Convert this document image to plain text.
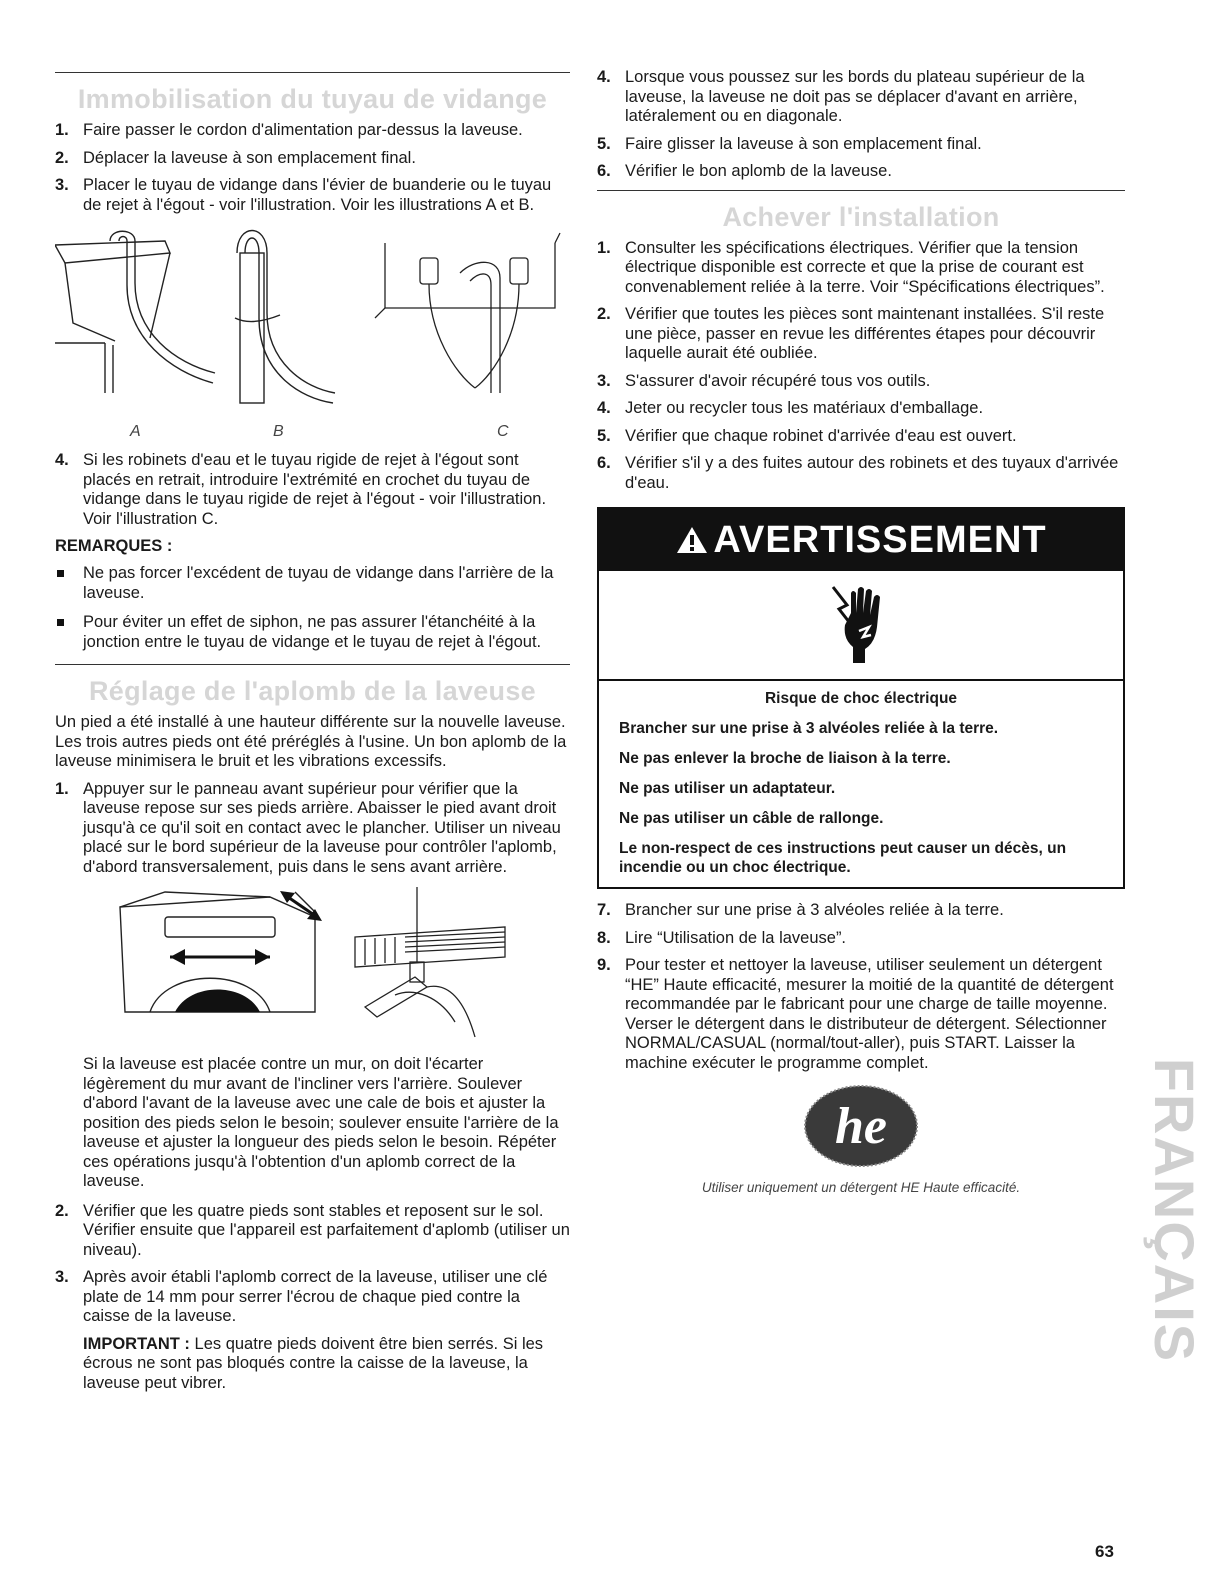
Immobilisation du tuyau de vidange
1. Faire passer le cordon d'alimentation par-dessus la laveuse.
2. Déplacer la laveuse à son emplacement final.
3. Placer le tuyau de vidange dans l'évier de buanderie ou le tuyau de rejet à l'égout - voir l'illustration. Voir les illustrations A et B.
A	B	C
4. Si les robinets d'eau et le tuyau rigide de rejet à l'égout sont placés en retrait, introduire l'extrémité en crochet du tuyau de vidange dans le tuyau rigide de rejet à l'égout - voir l'illustration. Voir l'illustration C.
REMARQUES :
Ne pas forcer l'excédent de tuyau de vidange dans l'arrière de la laveuse.
Pour éviter un effet de siphon, ne pas assurer l'étanchéité à la jonction entre le tuyau de vidange et le tuyau de rejet à l'égout.
Réglage de l'aplomb de la laveuse

Un pied a été installé à une hauteur différente sur la nouvelle laveuse. Les trois autres pieds ont été préréglés à l'usine. Un bon aplomb de la laveuse minimisera le bruit et les vibrations excessifs.

1. Appuyer sur le panneau avant supérieur pour vérifier que la laveuse repose sur ses pieds arrière. Abaisser le pied avant droit jusqu'à ce qu'il soit en contact avec le plancher. Utiliser un niveau placé sur le bord supérieur de la laveuse pour contrôler l'aplomb, d'abord transversalement, puis dans le sens avant arrière.

Si la laveuse est placée contre un mur, on doit l'écarter légèrement du mur avant de l'incliner vers l'arrière. Soulever d'abord l'avant de la laveuse avec une cale de bois et ajuster la position des pieds selon le besoin; soulever ensuite l'arrière de la laveuse et ajuster la longueur des pieds selon le besoin. Répéter ces opérations jusqu'à l'obtention d'un aplomb correct de la laveuse.

2. Vérifier que les quatre pieds sont stables et reposent sur le sol. Vérifier ensuite que l'appareil est parfaitement d'aplomb (utiliser un niveau).
3. Après avoir établi l'aplomb correct de la laveuse, utiliser une clé plate de 14 mm pour serrer l'écrou de chaque pied contre la caisse de la laveuse.

IMPORTANT : Les quatre pieds doivent être bien serrés. Si les écrous ne sont pas bloqués contre la caisse de la laveuse, la laveuse peut vibrer.

4. Lorsque vous poussez sur les bords du plateau supérieur de la laveuse, la laveuse ne doit pas se déplacer d'avant en arrière, latéralement ou en diagonale.
5. Faire glisser la laveuse à son emplacement final.
6. Vérifier le bon aplomb de la laveuse.
Achever l'installation
1. Consulter les spécifications électriques. Vérifier que la tension électrique disponible est correcte et que la prise de courant est convenablement reliée à la terre. Voir “Spécifications électriques”.
2. Vérifier que toutes les pièces sont maintenant installées. S'il reste une pièce, passer en revue les différentes étapes pour découvrir laquelle aurait été oubliée.
3. S'assurer d'avoir récupéré tous vos outils.
4. Jeter ou recycler tous les matériaux d'emballage.
5. Vérifier que chaque robinet d'arrivée d'eau est ouvert.
6. Vérifier s'il y a des fuites autour des robinets et des tuyaux d'arrivée d'eau.
AVERTISSEMENT

Risque de choc électrique

Brancher sur une prise à 3 alvéoles reliée à la terre.

Ne pas enlever la broche de liaison à la terre.

Ne pas utiliser un adaptateur.

Ne pas utiliser un câble de rallonge.

Le non-respect de ces instructions peut causer un décès, un incendie ou un choc électrique.

7. Brancher sur une prise à 3 alvéoles reliée à la terre.
8. Lire “Utilisation de la laveuse”.
9. Pour tester et nettoyer la laveuse, utiliser seulement un détergent “HE” Haute efficacité, mesurer la moitié de la quantité de détergent recommandée par le fabricant pour une charge de taille moyenne. Verser le détergent dans le distributeur de détergent. Sélectionner NORMAL/CASUAL (normal/tout-aller), puis START. Laisser la machine exécuter le programme complet.
he
Utiliser uniquement un détergent HE Haute efficacité.	FRANÇAIS
63
